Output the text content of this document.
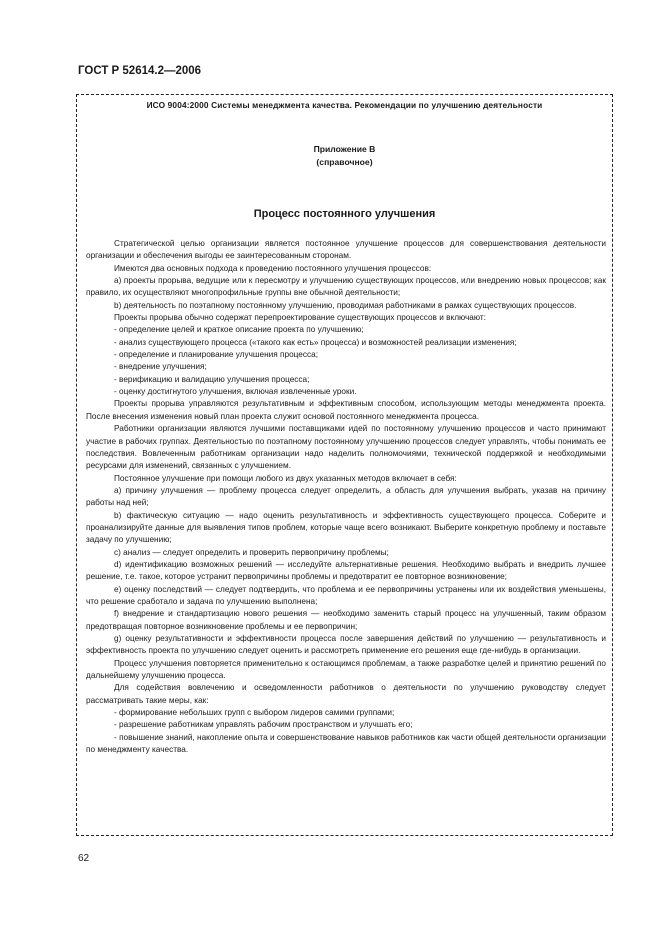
ГОСТ Р 52614.2—2006
ИСО 9004:2000 Системы менеджмента качества. Рекомендации по улучшению деятельности
Приложение В
(справочное)
Процесс постоянного улучшения

Стратегической целью организации является постоянное улучшение процессов для совершенствования деятельности организации и обеспечения выгоды ее заинтересованным сторонам.

Имеются два основных подхода к проведению постоянного улучшения процессов:

а) проекты прорыва, ведущие или к пересмотру и улучшению существующих процессов, или внедрению новых процессов; как правило, их осуществляют многопрофильные группы вне обычной деятельности;

b) деятельность по поэтапному постоянному улучшению, проводимая работниками в рамках существующих процессов.

Проекты прорыва обычно содержат перепроектирование существующих процессов и включают:

- определение целей и краткое описание проекта по улучшению;

- анализ существующего процесса («такого как есть» процесса) и возможностей реализации изменения;

- определение и планирование улучшения процесса;

- внедрение улучшения;

- верификацию и валидацию улучшения процесса;

- оценку достигнутого улучшения, включая извлеченные уроки.

Проекты прорыва управляются результативным и эффективным способом, использующим методы менеджмента проекта. После внесения изменения новый план проекта служит основой постоянного менеджмента процесса.

Работники организации являются лучшими поставщиками идей по постоянному улучшению процессов и часто принимают участие в рабочих группах. Деятельностью по поэтапному постоянному улучшению процессов следует управлять, чтобы понимать ее последствия. Вовлеченным работникам организации надо наделить полномочиями, технической поддержкой и необходимыми ресурсами для изменений, связанных с улучшением.

Постоянное улучшение при помощи любого из двух указанных методов включает в себя:

а) причину улучшения — проблему процесса следует определить, а область для улучшения выбрать, указав на причину работы над ней;

b) фактическую ситуацию — надо оценить результативность и эффективность существующего процесса. Соберите и проанализируйте данные для выявления типов проблем, которые чаще всего возникают. Выберите конкретную проблему и поставьте задачу по улучшению;

c) анализ — следует определить и проверить первопричину проблемы;

d) идентификацию возможных решений — исследуйте альтернативные решения. Необходимо выбрать и внедрить лучшее решение, т.е. такое, которое устранит первопричины проблемы и предотвратит ее повторное возникновение;

e) оценку последствий — следует подтвердить, что проблема и ее первопричины устранены или их воздействия уменьшены, что решение сработало и задача по улучшению выполнена;

f) внедрение и стандартизацию нового решения — необходимо заменить старый процесс на улучшенный, таким образом предотвращая повторное возникновение проблемы и ее первопричин;

g) оценку результативности и эффективности процесса после завершения действий по улучшению — результативность и эффективность проекта по улучшению следует оценить и рассмотреть применение его решения еще где-нибудь в организации.

Процесс улучшения повторяется применительно к остающимся проблемам, а также разработке целей и принятию решений по дальнейшему улучшению процесса.

Для содействия вовлечению и осведомленности работников о деятельности по улучшению руководству следует рассматривать такие меры, как:

- формирование небольших групп с выбором лидеров самими группами;

- разрешение работникам управлять рабочим пространством и улучшать его;

- повышение знаний, накопление опыта и совершенствование навыков работников как части общей деятельности организации по менеджменту качества.

62
